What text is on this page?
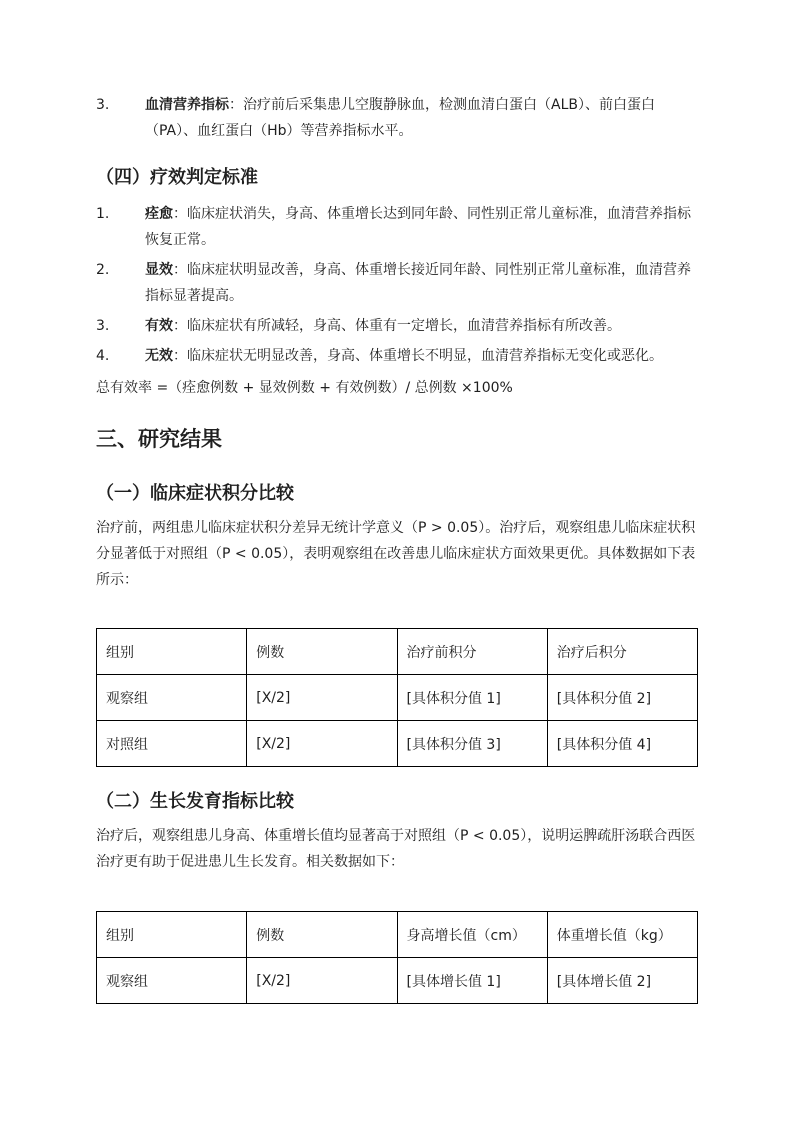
3.	血清营养指标：治疗前后采集患儿空腹静脉血，检测血清白蛋白（ALB）、前白蛋白（PA）、血红蛋白（Hb）等营养指标水平。
（四）疗效判定标准
1.	痊愈：临床症状消失，身高、体重增长达到同年龄、同性别正常儿童标准，血清营养指标恢复正常。
2.	显效：临床症状明显改善，身高、体重增长接近同年龄、同性别正常儿童标准，血清营养指标显著提高。
3.	有效：临床症状有所减轻，身高、体重有一定增长，血清营养指标有所改善。
4.	无效：临床症状无明显改善，身高、体重增长不明显，血清营养指标无变化或恶化。
总有效率 =（痊愈例数 + 显效例数 + 有效例数）/ 总例数 ×100%
三、研究结果
（一）临床症状积分比较
治疗前，两组患儿临床症状积分差异无统计学意义（P > 0.05）。治疗后，观察组患儿临床症状积分显著低于对照组（P < 0.05），表明观察组在改善患儿临床症状方面效果更优。具体数据如下表所示：
组别	例数	治疗前积分	治疗后积分
观察组	[X/2]	[具体积分值 1]	[具体积分值 2]
对照组	[X/2]	[具体积分值 3]	[具体积分值 4]
（二）生长发育指标比较
治疗后，观察组患儿身高、体重增长值均显著高于对照组（P < 0.05），说明运脾疏肝汤联合西医治疗更有助于促进患儿生长发育。相关数据如下：
组别	例数	身高增长值（cm）	体重增长值（kg）
观察组	[X/2]	[具体增长值 1]	[具体增长值 2]
